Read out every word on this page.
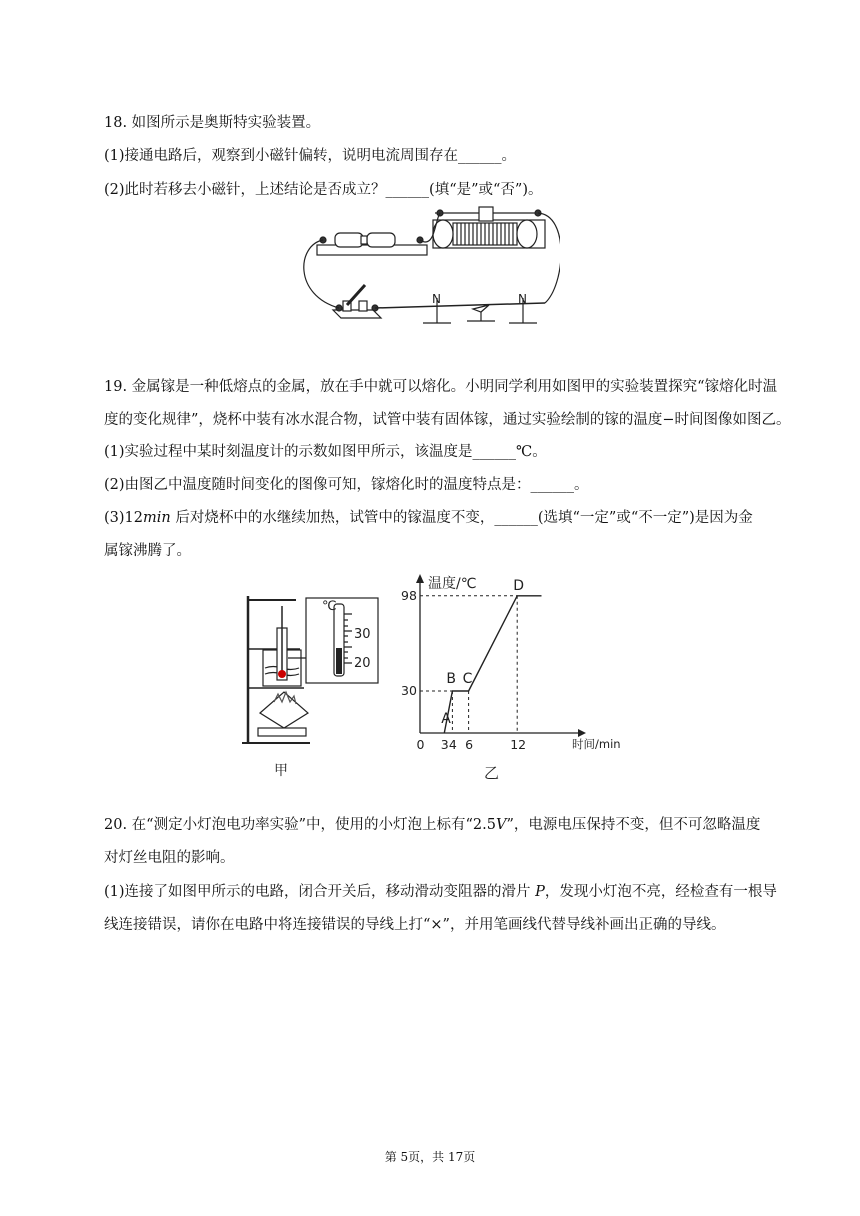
18. 如图所示是奥斯特实验装置。
(1)接通电路后，观察到小磁针偏转，说明电流周围存在______。
(2)此时若移去小磁针，上述结论是否成立？______(填“是”或“否”)。
N	N
19. 金属镓是一种低熔点的金属，放在手中就可以熔化。小明同学利用如图甲的实验装置探究“镓熔化时温
度的变化规律”，烧杯中装有冰水混合物，试管中装有固体镓，通过实验绘制的镓的温度−时间图像如图乙。
(1)实验过程中某时刻温度计的示数如图甲所示，该温度是______℃。
(2)由图乙中温度随时间变化的图像可知，镓熔化时的温度特点是：______。
(3)12min 后对烧杯中的水继续加热，试管中的镓温度不变，______(选填“一定”或“不一定”)是因为金
属镓沸腾了。
℃
30
20
甲
温度/℃
时间/min
乙
A
B C
D
0 3 4 6	12
30
98
20. 在“测定小灯泡电功率实验”中，使用的小灯泡上标有“2.5V”，电源电压保持不变，但不可忽略温度
对灯丝电阻的影响。
(1)连接了如图甲所示的电路，闭合开关后，移动滑动变阻器的滑片 P，发现小灯泡不亮，经检查有一根导
线连接错误，请你在电路中将连接错误的导线上打“×”，并用笔画线代替导线补画出正确的导线。
第 5页，共 17页
